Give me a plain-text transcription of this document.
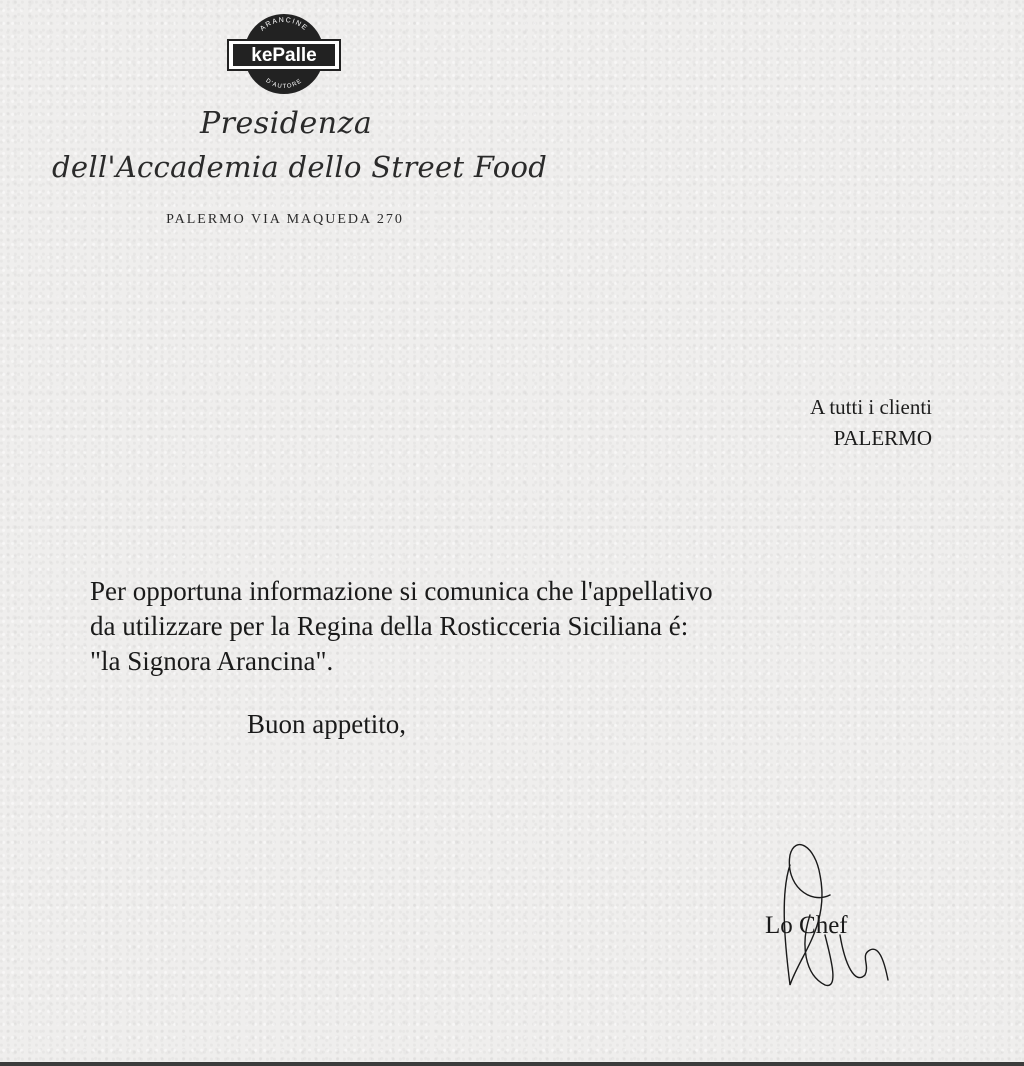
ARANCINE
D'AUTORE
kePalle
Presidenza
dell'Accademia dello Street Food
PALERMO VIA MAQUEDA 270
A tutti i clienti
PALERMO
Per opportuna informazione si comunica che l'appellativo
da utilizzare per la Regina della Rosticceria Siciliana é:
"la Signora Arancina".
Buon appetito,
Lo Chef
